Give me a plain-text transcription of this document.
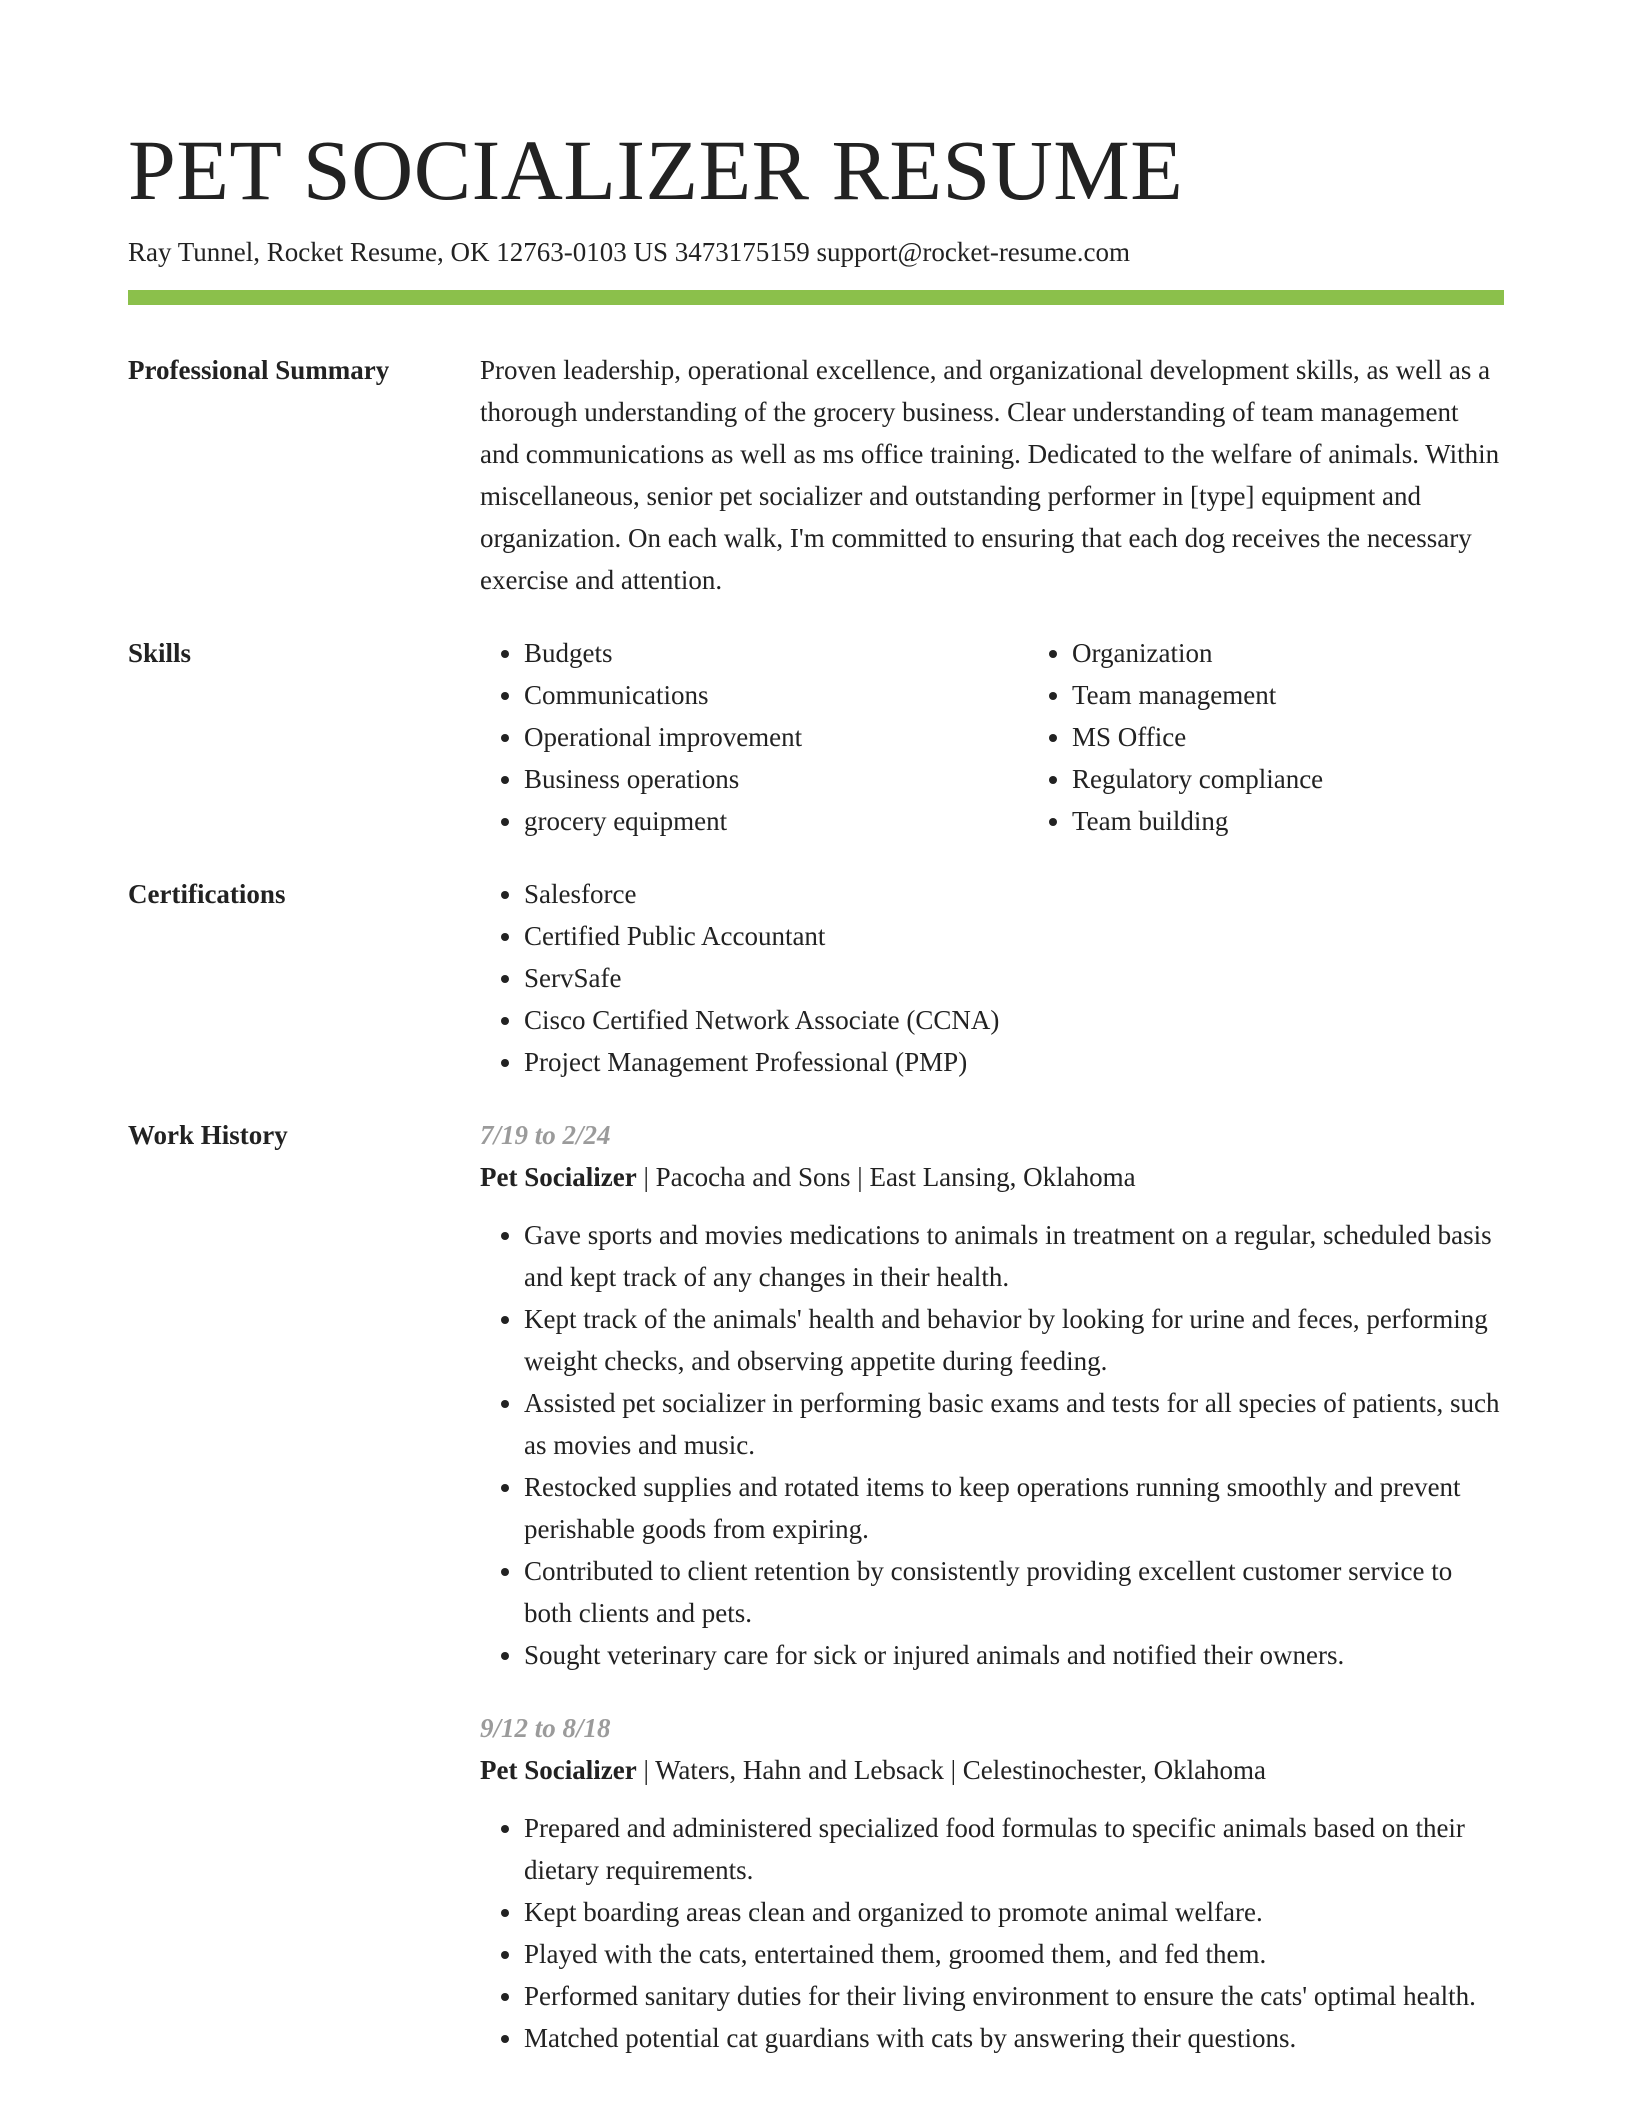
PET SOCIALIZER RESUME
Ray Tunnel, Rocket Resume, OK 12763-0103 US 3473175159 support@rocket-resume.com
Professional Summary	Proven leadership, operational excellence, and organizational development skills, as well as a thorough understanding of the grocery business. Clear understanding of team management and communications as well as ms office training. Dedicated to the welfare of animals. Within miscellaneous, senior pet socializer and outstanding performer in [type] equipment and organization. On each walk, I'm committed to ensuring that each dog receives the necessary exercise and attention.

Skills	• Budgets
• Communications
• Operational improvement
• Business operations
• grocery equipment
• Organization
• Team management
• MS Office
• Regulatory compliance
• Team building
Certifications	• Salesforce
• Certified Public Accountant
• ServSafe
• Cisco Certified Network Associate (CCNA)
• Project Management Professional (PMP)
Work History	7/19 to 2/24
Pet Socializer | Pacocha and Sons | East Lansing, Oklahoma
• Gave sports and movies medications to animals in treatment on a regular, scheduled basis and kept track of any changes in their health.
• Kept track of the animals' health and behavior by looking for urine and feces, performing weight checks, and observing appetite during feeding.
• Assisted pet socializer in performing basic exams and tests for all species of patients, such as movies and music.
• Restocked supplies and rotated items to keep operations running smoothly and prevent perishable goods from expiring.
• Contributed to client retention by consistently providing excellent customer service to both clients and pets.
• Sought veterinary care for sick or injured animals and notified their owners.
9/12 to 8/18
Pet Socializer | Waters, Hahn and Lebsack | Celestinochester, Oklahoma
• Prepared and administered specialized food formulas to specific animals based on their dietary requirements.
• Kept boarding areas clean and organized to promote animal welfare.
• Played with the cats, entertained them, groomed them, and fed them.
• Performed sanitary duties for their living environment to ensure the cats' optimal health.
• Matched potential cat guardians with cats by answering their questions.
